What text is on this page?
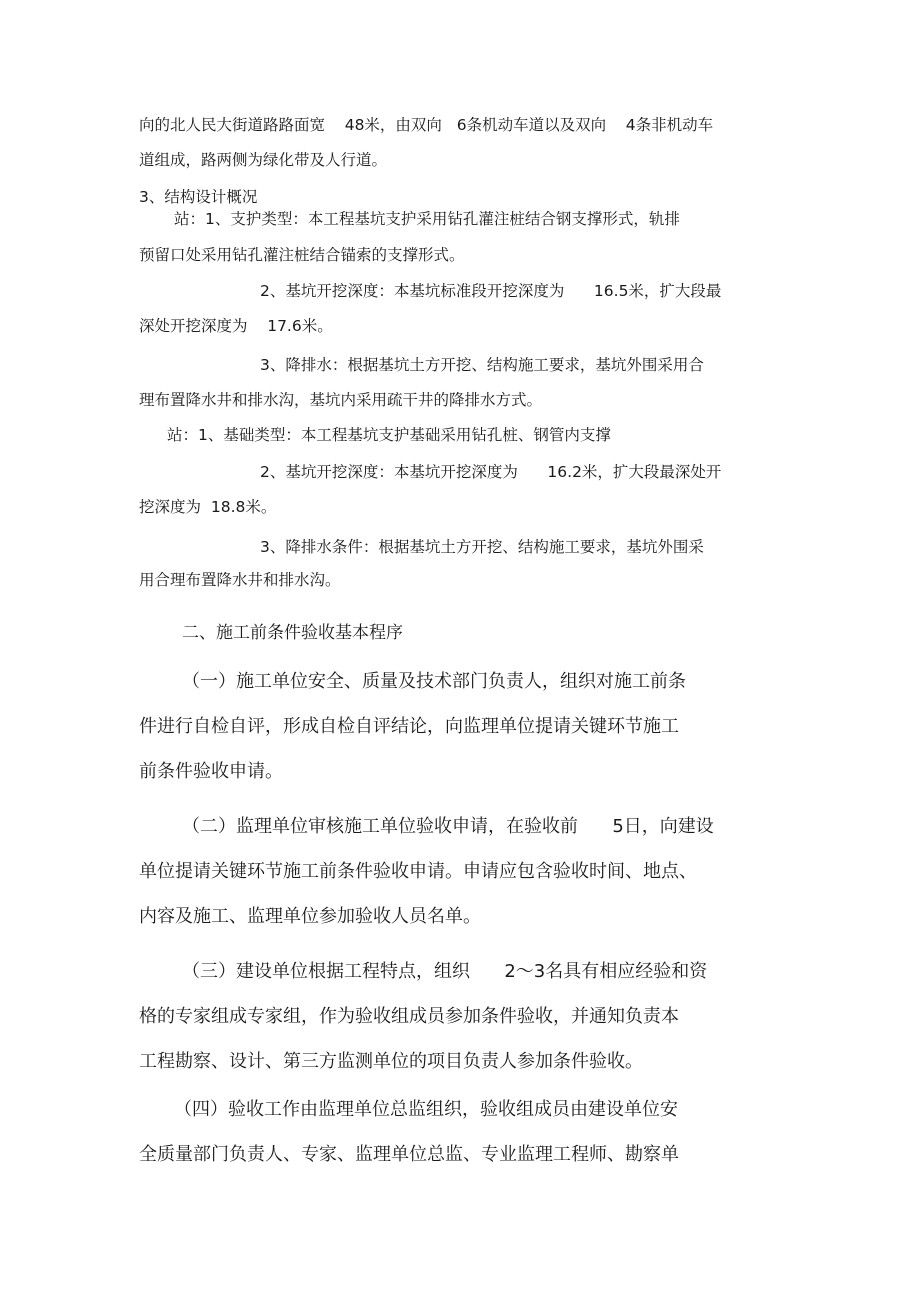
向的北人民大街道路路面宽    48米，由双向   6条机动车道以及双向    4条非机动车

道组成，路两侧为绿化带及人行道。

3、结构设计概况

站：1、支护类型：本工程基坑支护采用钻孔灌注桩结合钢支撑形式，轨排

预留口处采用钻孔灌注桩结合锚索的支撑形式。

2、基坑开挖深度：本基坑标准段开挖深度为      16.5米，扩大段最

深处开挖深度为    17.6米。

3、降排水：根据基坑土方开挖、结构施工要求，基坑外围采用合

理布置降水井和排水沟，基坑内采用疏干井的降排水方式。

站：1、基础类型：本工程基坑支护基础采用钻孔桩、钢管内支撑

2、基坑开挖深度：本基坑开挖深度为      16.2米，扩大段最深处开

挖深度为  18.8米。

3、降排水条件：根据基坑土方开挖、结构施工要求，基坑外围采

用合理布置降水井和排水沟。

二、施工前条件验收基本程序

（一）施工单位安全、质量及技术部门负责人，组织对施工前条

件进行自检自评，形成自检自评结论，向监理单位提请关键环节施工

前条件验收申请。

（二）监理单位审核施工单位验收申请，在验收前      5日，向建设

单位提请关键环节施工前条件验收申请。申请应包含验收时间、地点、

内容及施工、监理单位参加验收人员名单。

（三）建设单位根据工程特点，组织      2～3名具有相应经验和资

格的专家组成专家组，作为验收组成员参加条件验收，并通知负责本

工程勘察、设计、第三方监测单位的项目负责人参加条件验收。

（四）验收工作由监理单位总监组织，验收组成员由建设单位安

全质量部门负责人、专家、监理单位总监、专业监理工程师、勘察单
